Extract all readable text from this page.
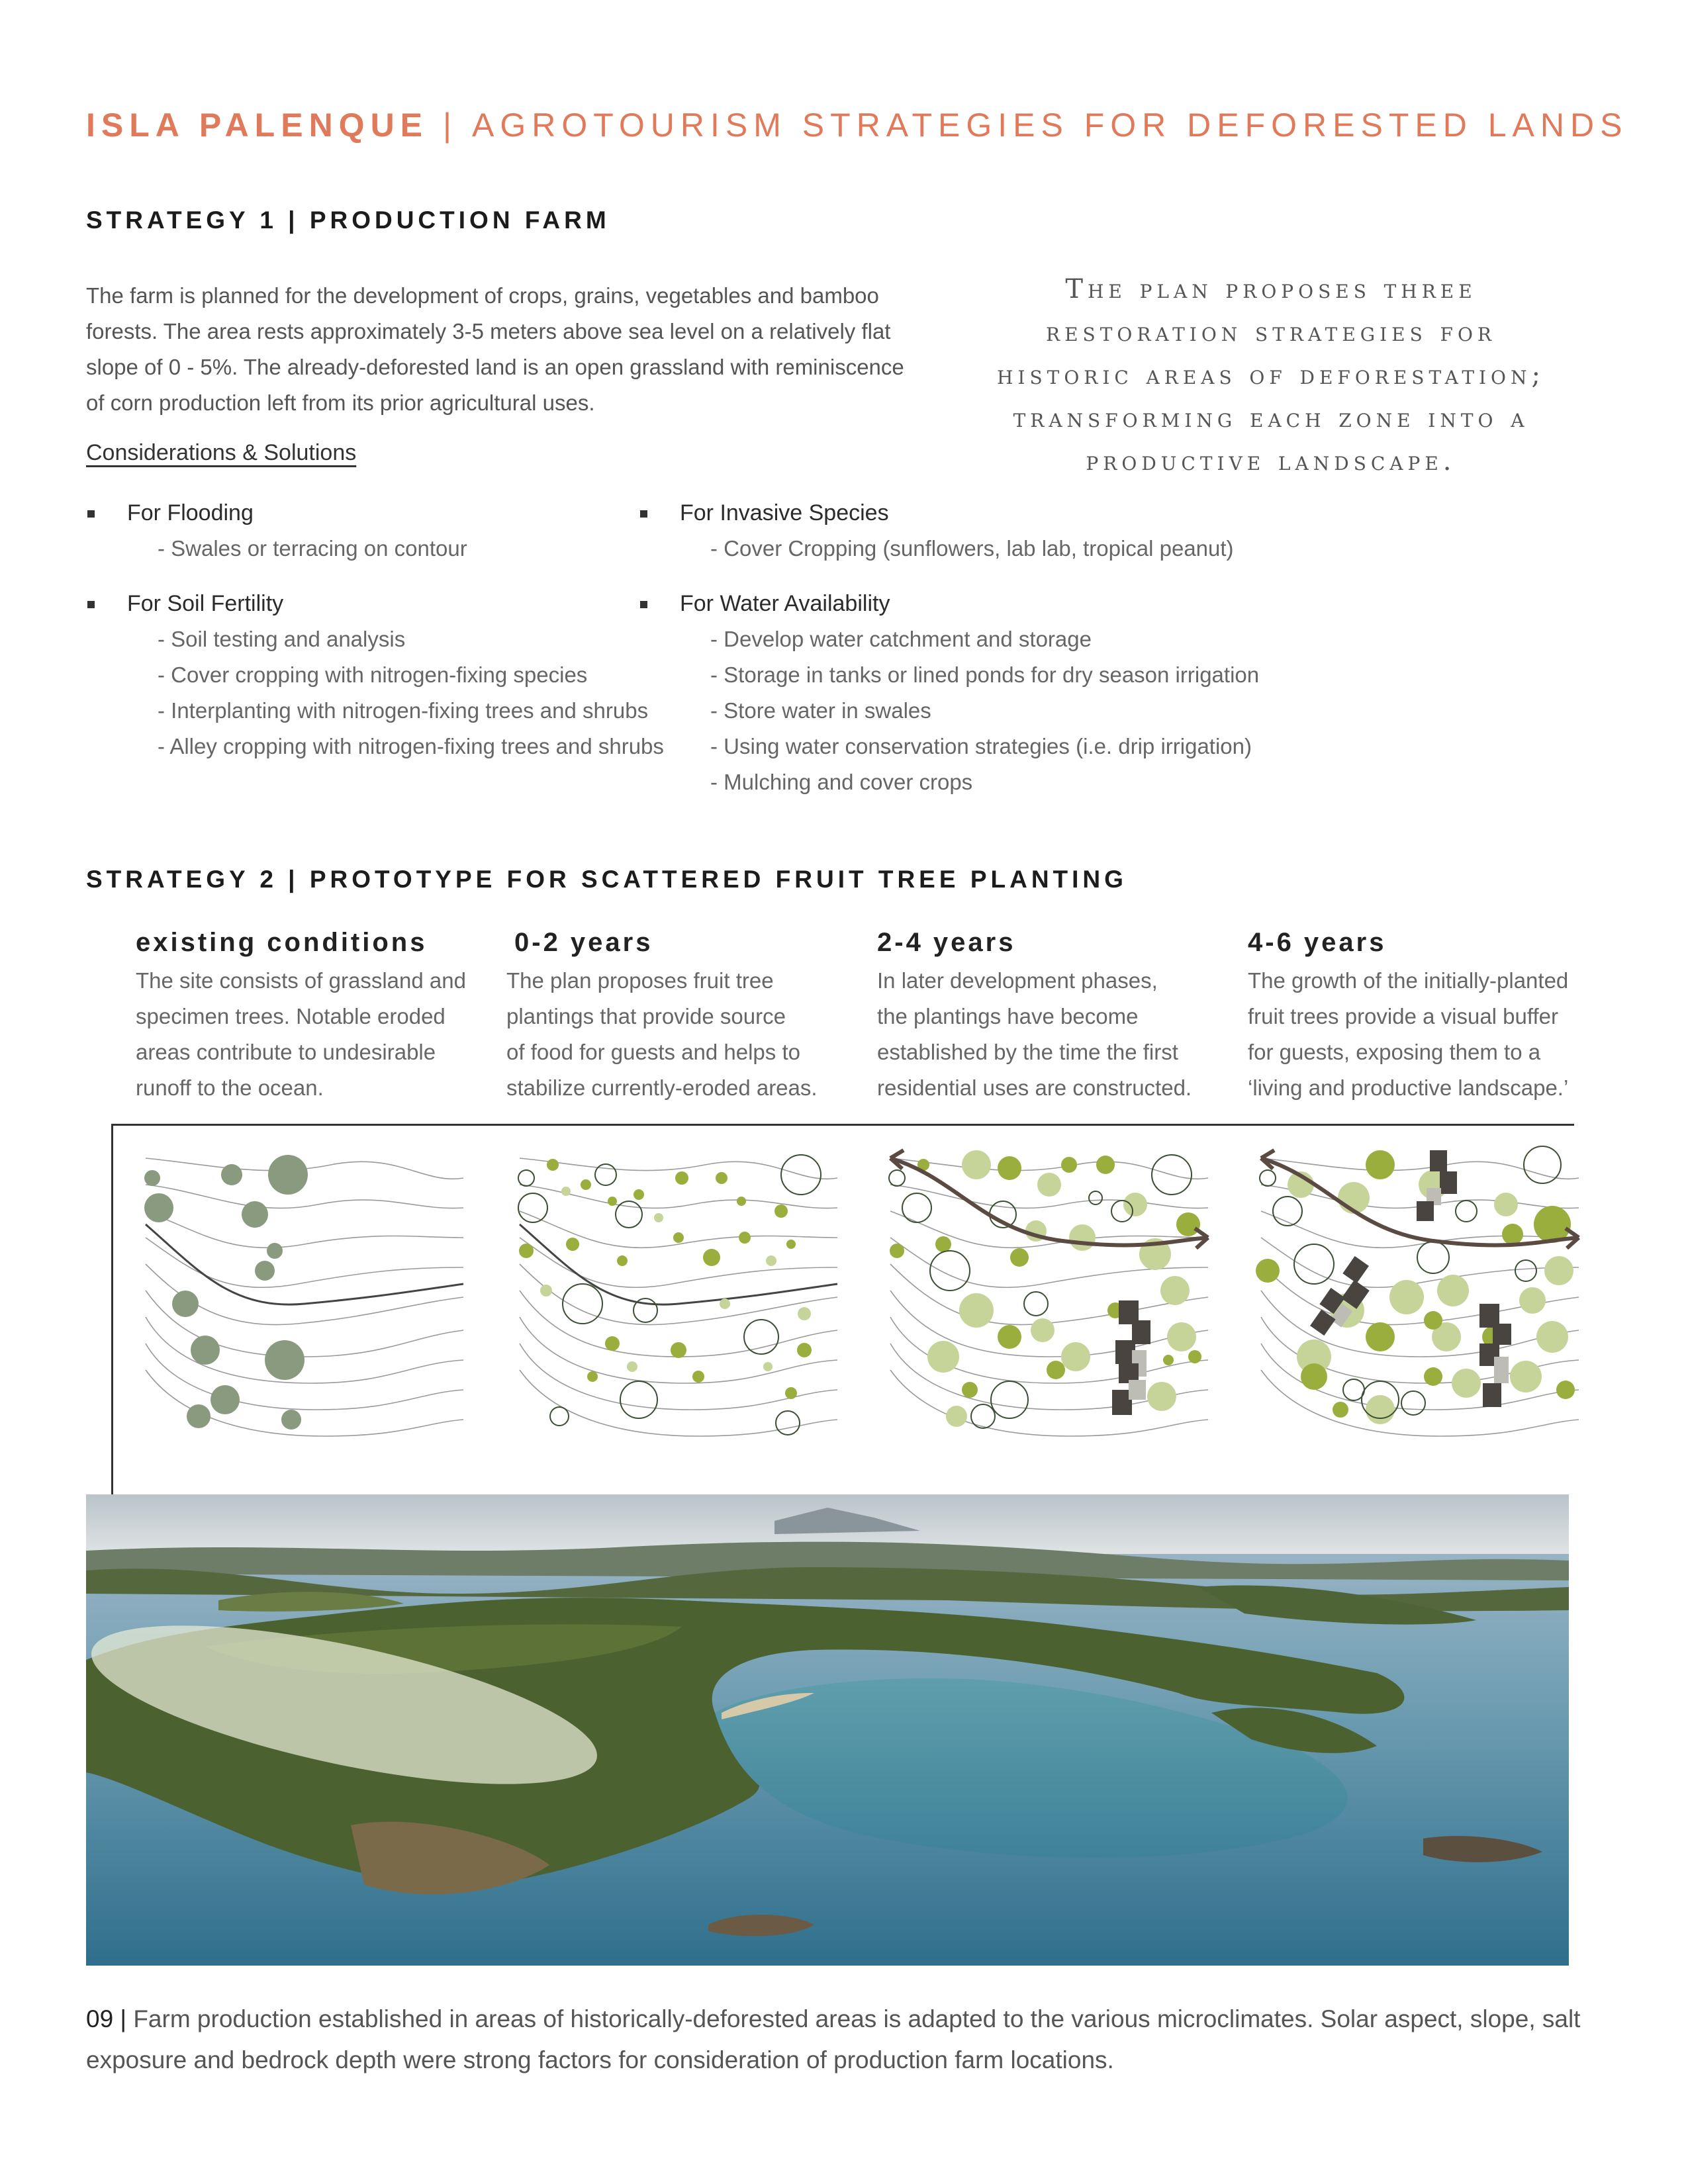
ISLA PALENQUE | AGROTOURISM STRATEGIES FOR DEFORESTED LANDS
STRATEGY 1 | PRODUCTION FARM
The farm is planned for the development of crops, grains, vegetables and bamboo
forests. The area rests approximately 3-5 meters above sea level on a relatively flat
slope of 0 - 5%. The already-deforested land is an open grassland with reminiscence
of corn production left from its prior agricultural uses.
The plan proposes three
restoration strategies for
historic areas of deforestation;
transforming each zone into a
productive landscape.
Considerations & Solutions
For Flooding
- Swales or terracing on contour
For Soil Fertility
- Soil testing and analysis
- Cover cropping with nitrogen-fixing species
- Interplanting with nitrogen-fixing trees and shrubs
- Alley cropping with nitrogen-fixing trees and shrubs
For Invasive Species
- Cover Cropping (sunflowers, lab lab, tropical peanut)
For Water Availability
- Develop water catchment and storage
- Storage in tanks or lined ponds for dry season irrigation
- Store water in swales
- Using water conservation strategies (i.e. drip irrigation)
- Mulching and cover crops
STRATEGY 2 | PROTOTYPE FOR SCATTERED FRUIT TREE PLANTING
existing conditions
The site consists of grassland and
specimen trees. Notable eroded
areas contribute to undesirable
runoff to the ocean.
0-2 years
The plan proposes fruit tree
plantings that provide source
of food for guests and helps to
stabilize currently-eroded areas.
2-4 years
In later development phases,
the plantings have become
established by the time the first
residential uses are constructed.
4-6 years
The growth of the initially-planted
fruit trees provide a visual buffer
for guests, exposing them to a
‘living and productive landscape.’
09 | Farm production established in areas of historically-deforested areas is adapted to the various microclimates. Solar aspect, slope, salt exposure and bedrock depth were strong factors for consideration of production farm locations.
